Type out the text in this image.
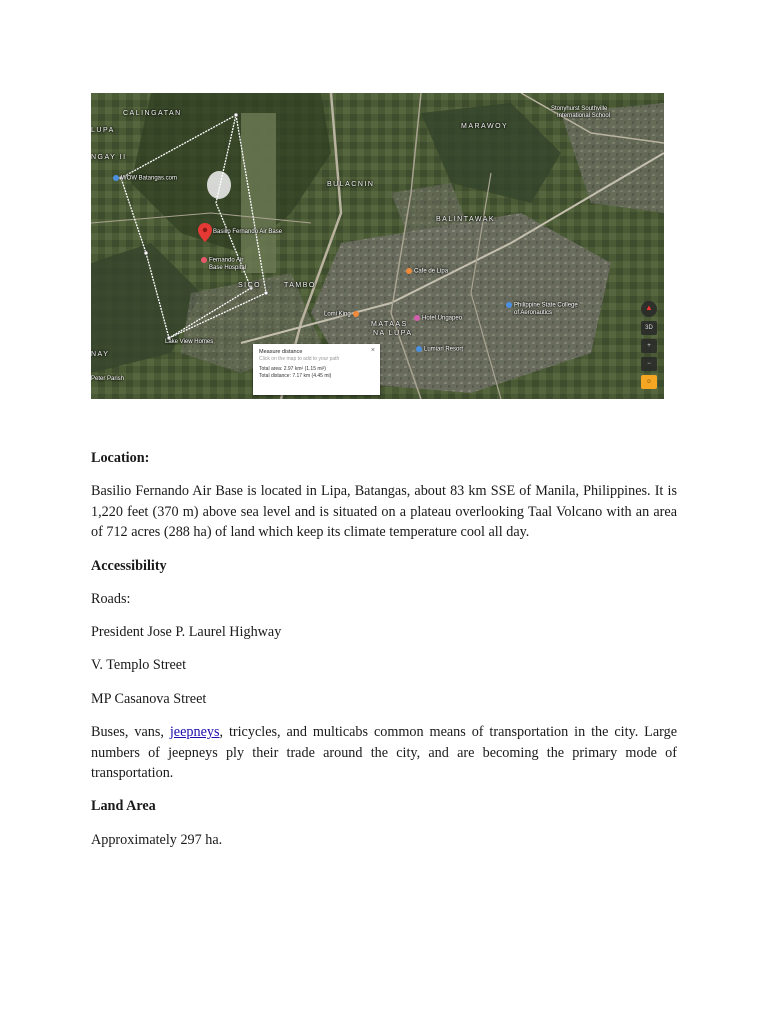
CALINGATAN
MARAWOY
BULACNIN
BALINTAWAK
SICO	TAMBO
MATAAS
NA LUPA
LUPA
NGAY II
NAY
WOW Batangas.com
Basilio Fernando Air Base
Fernando Air
Base Hospital
Cafe de Lipa
Lomi King
Hotel Ungapeo
Philippine State College
of Aeronautics
Lumiari Resort
Stonyhurst Southville
International School
Lake View Homes
Peter Parish
×
Measure distance
Click on the map to add to your path
Total area: 2.97 km² (1.15 mi²)
Total distance: 7.17 km (4.45 mi)
▲
3D
+
−
☺
Location:

Basilio Fernando Air Base is located in Lipa, Batangas, about 83 km SSE of Manila, Philippines. It is 1,220 feet (370 m) above sea level and is situated on a plateau overlooking Taal Volcano with an area of 712 acres (288 ha) of land which keep its climate temperature cool all day.

Accessibility

Roads:

President Jose P. Laurel Highway

V. Templo Street

MP Casanova Street

Buses, vans, jeepneys, tricycles, and multicabs common means of transportation in the city. Large numbers of jeepneys ply their trade around the city, and are becoming the primary mode of transportation.

Land Area

Approximately 297 ha.
